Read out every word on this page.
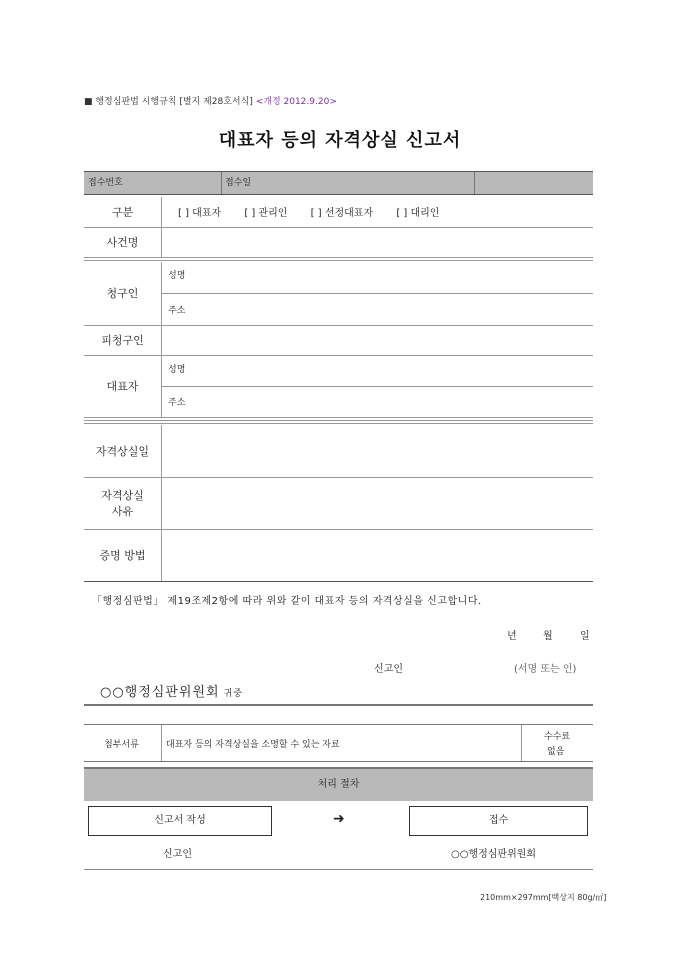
■ 행정심판법 시행규칙 [별지 제28호서식] <개정 2012.9.20>
대표자 등의 자격상실 신고서
접수번호	접수일
구분	[ ] 대표자 [ ] 관리인 [ ] 선정대표자 [ ] 대리인
사건명	
청구인	성명
	주소
피청구인	
대표자	성명
	주소
자격상실일	
자격상실
사유	
증명 방법	
「행정심판법」 제19조제2항에 따라 위와 같이 대표자 등의 자격상실을 신고합니다.
년	월	일
신고인	(서명 또는 인)
○○행정심판위원회 귀중
첨부서류	대표자 등의 자격상실을 소명할 수 있는 자료
수수료
없음
처리 절차
신고서 작성	➜	접수
신고인	○○행정심판위원회
210mm×297mm[백상지 80g/㎡]
